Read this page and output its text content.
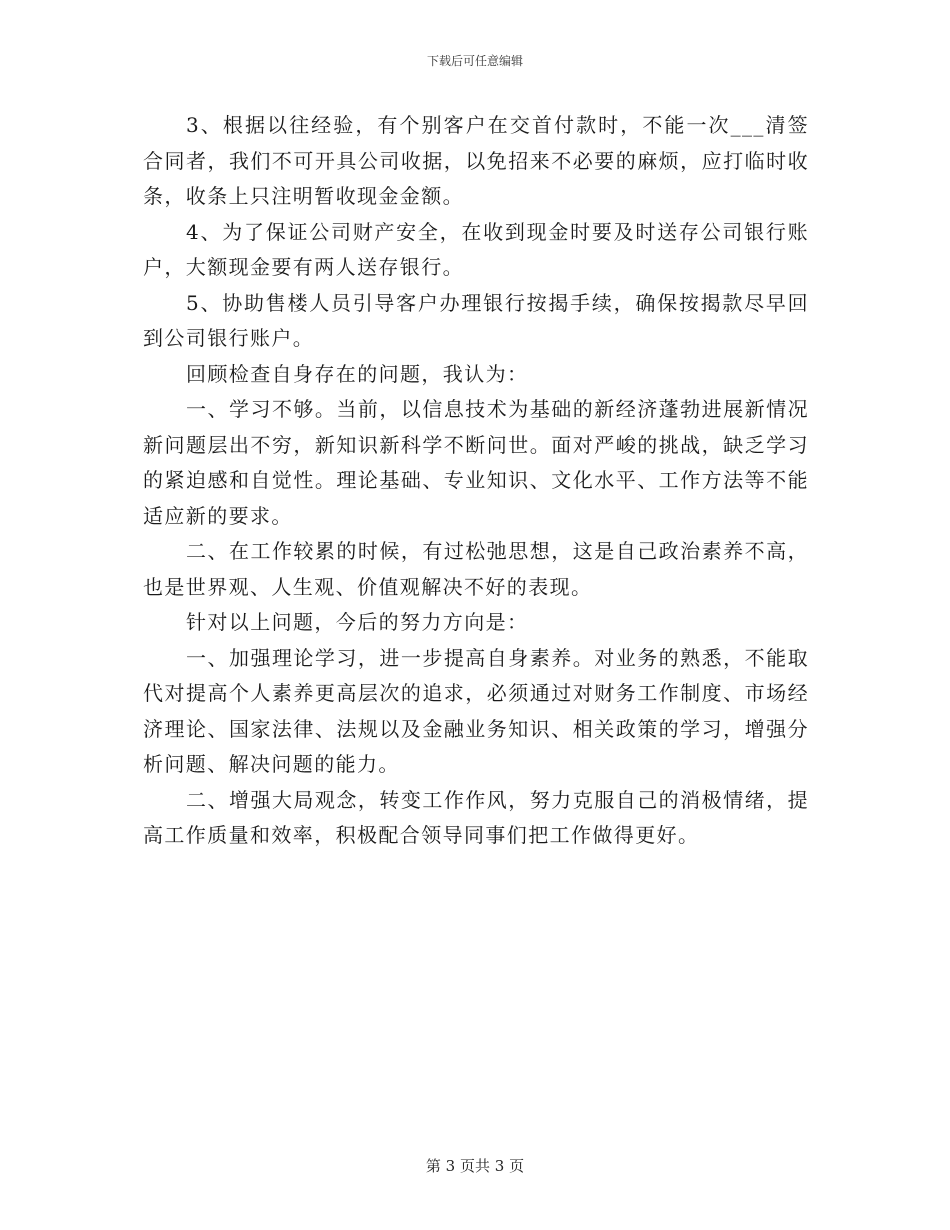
下载后可任意编辑

3、根据以往经验，有个别客户在交首付款时，不能一次___清签合同者，我们不可开具公司收据，以免招来不必要的麻烦，应打临时收条，收条上只注明暂收现金金额。

4、为了保证公司财产安全，在收到现金时要及时送存公司银行账户，大额现金要有两人送存银行。

5、协助售楼人员引导客户办理银行按揭手续，确保按揭款尽早回到公司银行账户。

回顾检查自身存在的问题，我认为：

一、学习不够。当前，以信息技术为基础的新经济蓬勃进展新情况新问题层出不穷，新知识新科学不断问世。面对严峻的挑战，缺乏学习的紧迫感和自觉性。理论基础、专业知识、文化水平、工作方法等不能适应新的要求。

二、在工作较累的时候，有过松弛思想，这是自己政治素养不高，也是世界观、人生观、价值观解决不好的表现。

针对以上问题，今后的努力方向是：

一、加强理论学习，进一步提高自身素养。对业务的熟悉，不能取代对提高个人素养更高层次的追求，必须通过对财务工作制度、市场经济理论、国家法律、法规以及金融业务知识、相关政策的学习，增强分析问题、解决问题的能力。

二、增强大局观念，转变工作作风，努力克服自己的消极情绪，提高工作质量和效率，积极配合领导同事们把工作做得更好。

第 3 页共 3 页
